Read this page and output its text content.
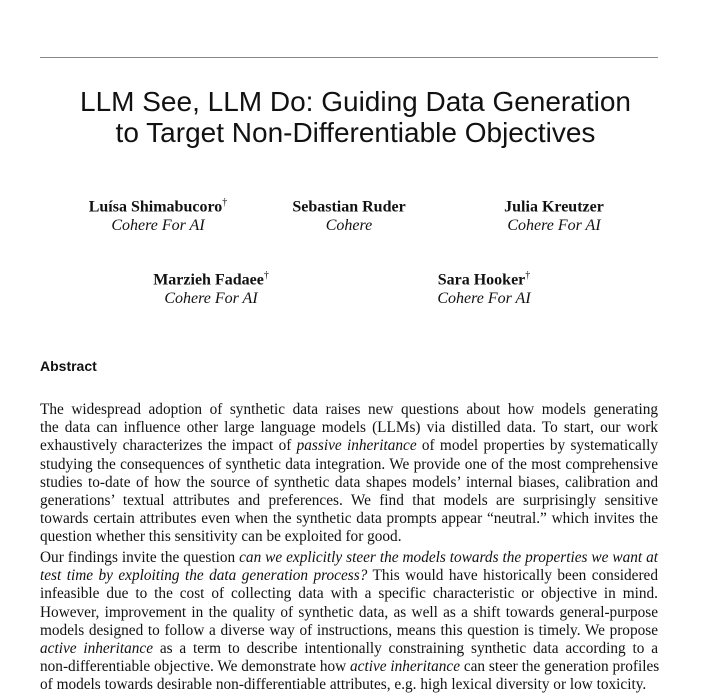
LLM See, LLM Do: Guiding Data Generation
to Target Non-Differentiable Objectives
Luísa Shimabucoro†
Cohere For AI
Sebastian Ruder
Cohere
Julia Kreutzer
Cohere For AI
Marzieh Fadaee†
Cohere For AI
Sara Hooker†
Cohere For AI
Abstract
The widespread adoption of synthetic data raises new questions about how models generating
the data can influence other large language models (LLMs) via distilled data. To start, our work
exhaustively characterizes the impact of passive inheritance of model properties by systematically
studying the consequences of synthetic data integration. We provide one of the most comprehensive
studies to-date of how the source of synthetic data shapes models’ internal biases, calibration and
generations’ textual attributes and preferences. We find that models are surprisingly sensitive
towards certain attributes even when the synthetic data prompts appear “neutral.” which invites the
question whether this sensitivity can be exploited for good.
Our findings invite the question can we explicitly steer the models towards the properties we want at
test time by exploiting the data generation process? This would have historically been considered
infeasible due to the cost of collecting data with a specific characteristic or objective in mind.
However, improvement in the quality of synthetic data, as well as a shift towards general-purpose
models designed to follow a diverse way of instructions, means this question is timely. We propose
active inheritance as a term to describe intentionally constraining synthetic data according to a
non-differentiable objective. We demonstrate how active inheritance can steer the generation profiles
of models towards desirable non-differentiable attributes, e.g. high lexical diversity or low toxicity.
